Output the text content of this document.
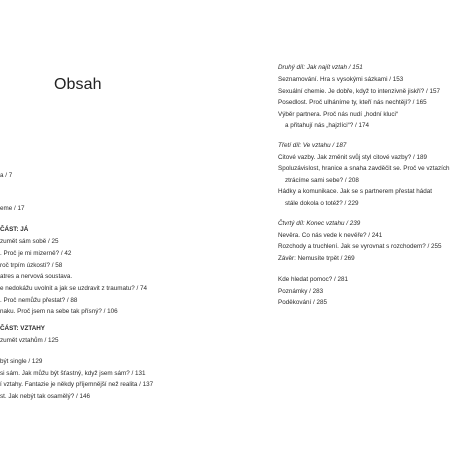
Obsah
a / 7
eme / 17
ČÁST: JÁ
zumět sám sobě / 25
. Proč je mi mizerně? / 42
roč trpím úzkostí? / 58
atres a nervová soustava.
e nedokážu uvolnit a jak se uzdravit z traumatu? / 74
. Proč nemůžu přestat? / 88
naku. Proč jsem na sebe tak přísný? / 106
ČÁST: VZTAHY
zumět vztahům / 125
být single / 129
si sám. Jak můžu být šťastný, když jsem sám? / 131
í vztahy. Fantazie je někdy příjemnější než realita / 137
st. Jak nebýt tak osamělý? / 146
Druhý díl: Jak najít vztah / 151
Seznamování. Hra s vysokými sázkami / 153
Sexuální chemie. Je dobře, když to intenzivně jiskří? / 157
Posedlost. Proč ulháníme ty, kteří nás nechtějí? / 165
Výběr partnera. Proč nás nudí „hodní kluci“
a přitahují nás „hajzlíci“? / 174
Třetí díl: Ve vztahu / 187
Citové vazby. Jak změnit svůj styl citové vazby? / 189
Spoluzávislost, hranice a snaha zavděčit se. Proč ve vztazích
ztrácíme sami sebe? / 208
Hádky a komunikace. Jak se s partnerem přestat hádat
stále dokola o totéž? / 229
Čtvrtý díl: Konec vztahu / 239
Nevěra. Co nás vede k nevěře? / 241
Rozchody a truchlení. Jak se vyrovnat s rozchodem? / 255
Závěr: Nemusíte trpět / 269
Kde hledat pomoc? / 281
Poznámky / 283
Poděkování / 285
